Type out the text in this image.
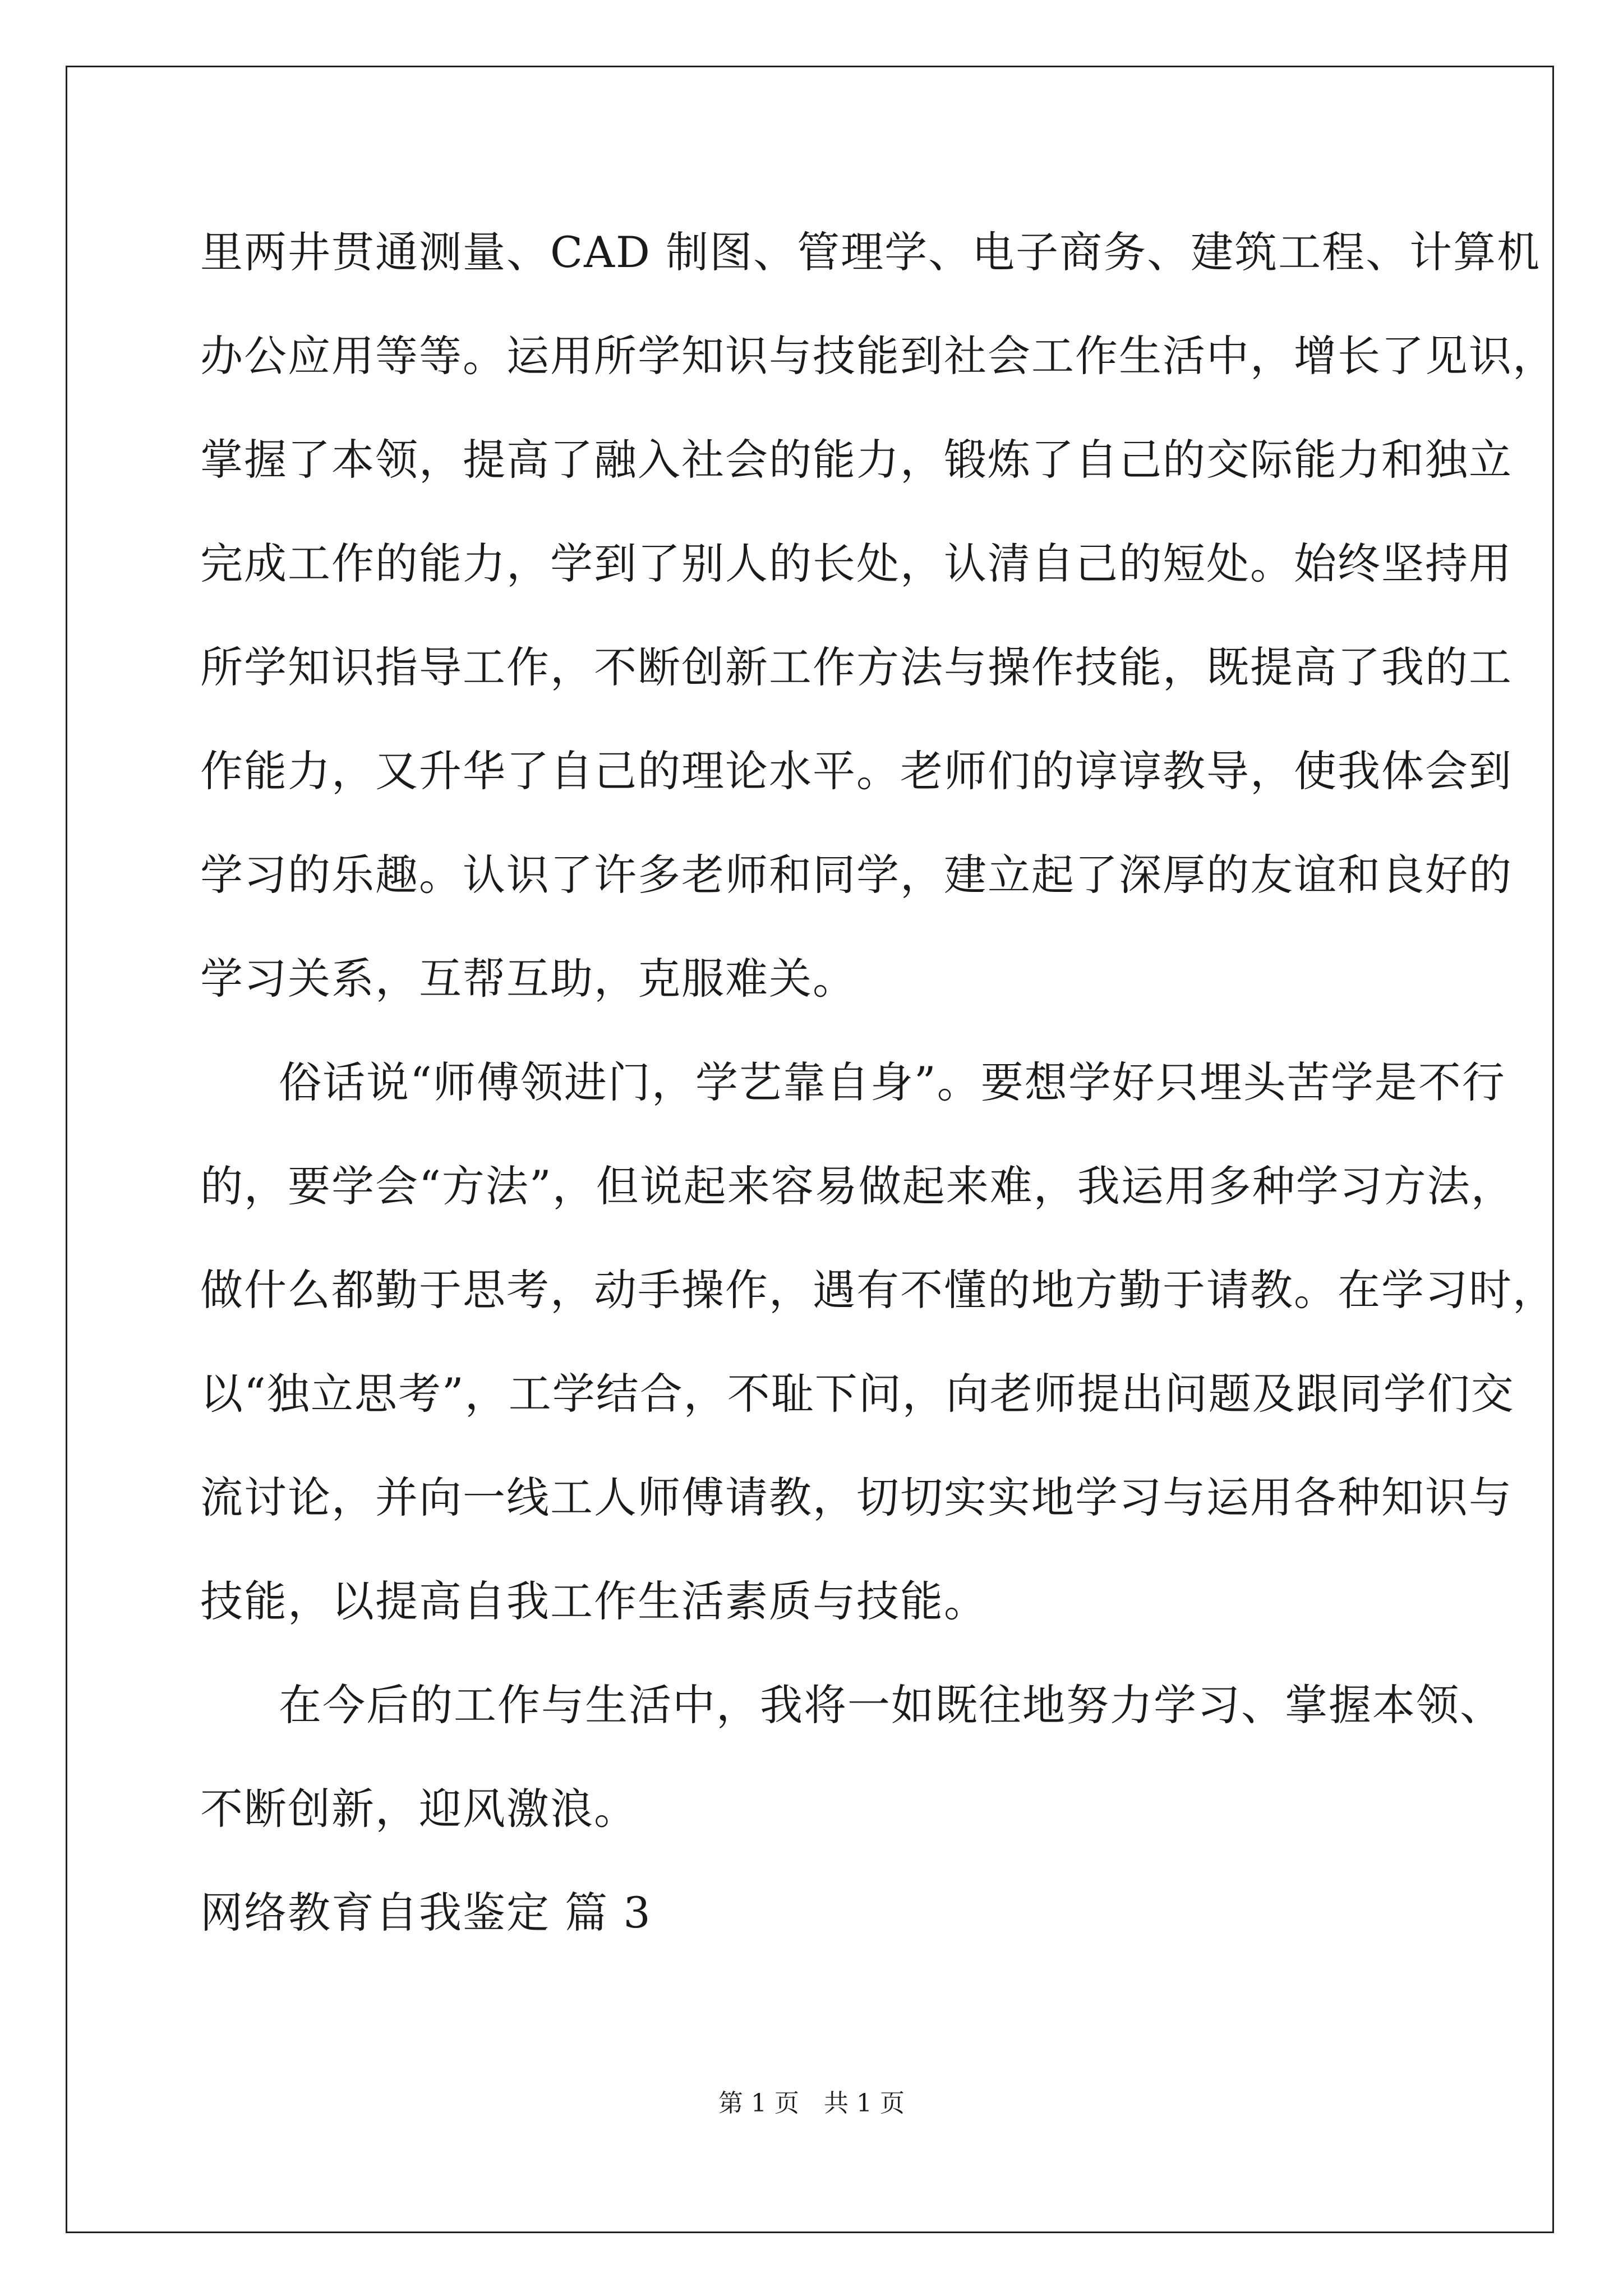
里两井贯通测量、CAD 制图、管理学、电子商务、建筑工程、计算机
办公应用等等。运用所学知识与技能到社会工作生活中，增长了见识，
掌握了本领，提高了融入社会的能力，锻炼了自己的交际能力和独立
完成工作的能力，学到了别人的长处，认清自己的短处。始终坚持用
所学知识指导工作，不断创新工作方法与操作技能，既提高了我的工
作能力，又升华了自己的理论水平。老师们的谆谆教导，使我体会到
学习的乐趣。认识了许多老师和同学，建立起了深厚的友谊和良好的
学习关系，互帮互助，克服难关。
俗话说“师傅领进门，学艺靠自身”。要想学好只埋头苦学是不行
的，要学会“方法”，但说起来容易做起来难，我运用多种学习方法，
做什么都勤于思考，动手操作，遇有不懂的地方勤于请教。在学习时，
以“独立思考”，工学结合，不耻下问，向老师提出问题及跟同学们交
流讨论，并向一线工人师傅请教，切切实实地学习与运用各种知识与
技能，以提高自我工作生活素质与技能。
在今后的工作与生活中，我将一如既往地努力学习、掌握本领、
不断创新，迎风激浪。
网络教育自我鉴定 篇 3
第 1 页　共 1 页
